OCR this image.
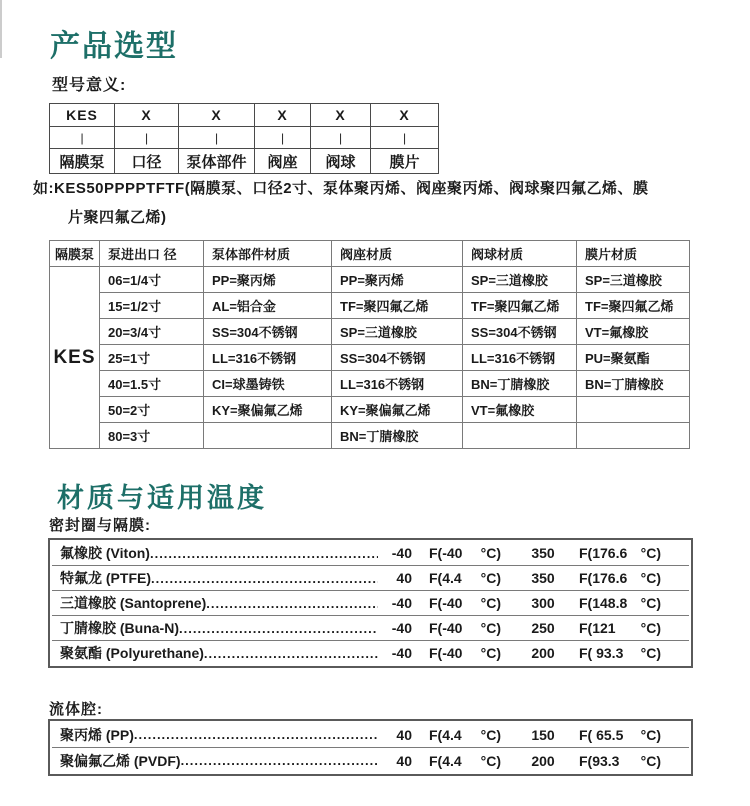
产品选型
型号意义:
KES	X	X	X	X	X
|	|	|	|	|	|
隔膜泵	口径	泵体部件	阀座	阀球	膜片
如:KES50PPPPTFTF(隔膜泵、口径2寸、泵体聚丙烯、阀座聚丙烯、阀球聚四氟乙烯、膜
片聚四氟乙烯)
隔膜泵	泵进出口 径	泵体部件材质	阀座材质	阀球材质	膜片材质
KES	06=1/4寸	PP=聚丙烯	PP=聚丙烯	SP=三道橡胶	SP=三道橡胶
	15=1/2寸	AL=铝合金	TF=聚四氟乙烯	TF=聚四氟乙烯	TF=聚四氟乙烯
	20=3/4寸	SS=304不锈钢	SP=三道橡胶	SS=304不锈钢	VT=氟橡胶
	25=1寸	LL=316不锈钢	SS=304不锈钢	LL=316不锈钢	PU=聚氨酯
	40=1.5寸	CI=球墨铸铁	LL=316不锈钢	BN=丁腈橡胶	BN=丁腈橡胶
	50=2寸	KY=聚偏氟乙烯	KY=聚偏氟乙烯	VT=氟橡胶	
	80=3寸		BN=丁腈橡胶		
材质与适用温度
密封圈与隔膜:
氟橡胶 (Viton) .....	-40 F(-40 °C)	350	F(176.6 °C)
特氟龙 (PTFE) .....	40 F(4.4 °C)	350	F(176.6 °C)
三道橡胶 (Santoprene) .....	-40 F(-40 °C)	300	F(148.8 °C)
丁腈橡胶 (Buna-N) .....	-40 F(-40 °C)	250	F(121 °C)
聚氨酯 (Polyurethane) .....	-40 F(-40 °C)	200	F( 93.3 °C)
流体腔:
聚丙烯 (PP) .....	40 F(4.4 °C)	150	F( 65.5 °C)
聚偏氟乙烯 (PVDF) .....	40 F(4.4 °C)	200	F(93.3 °C)
